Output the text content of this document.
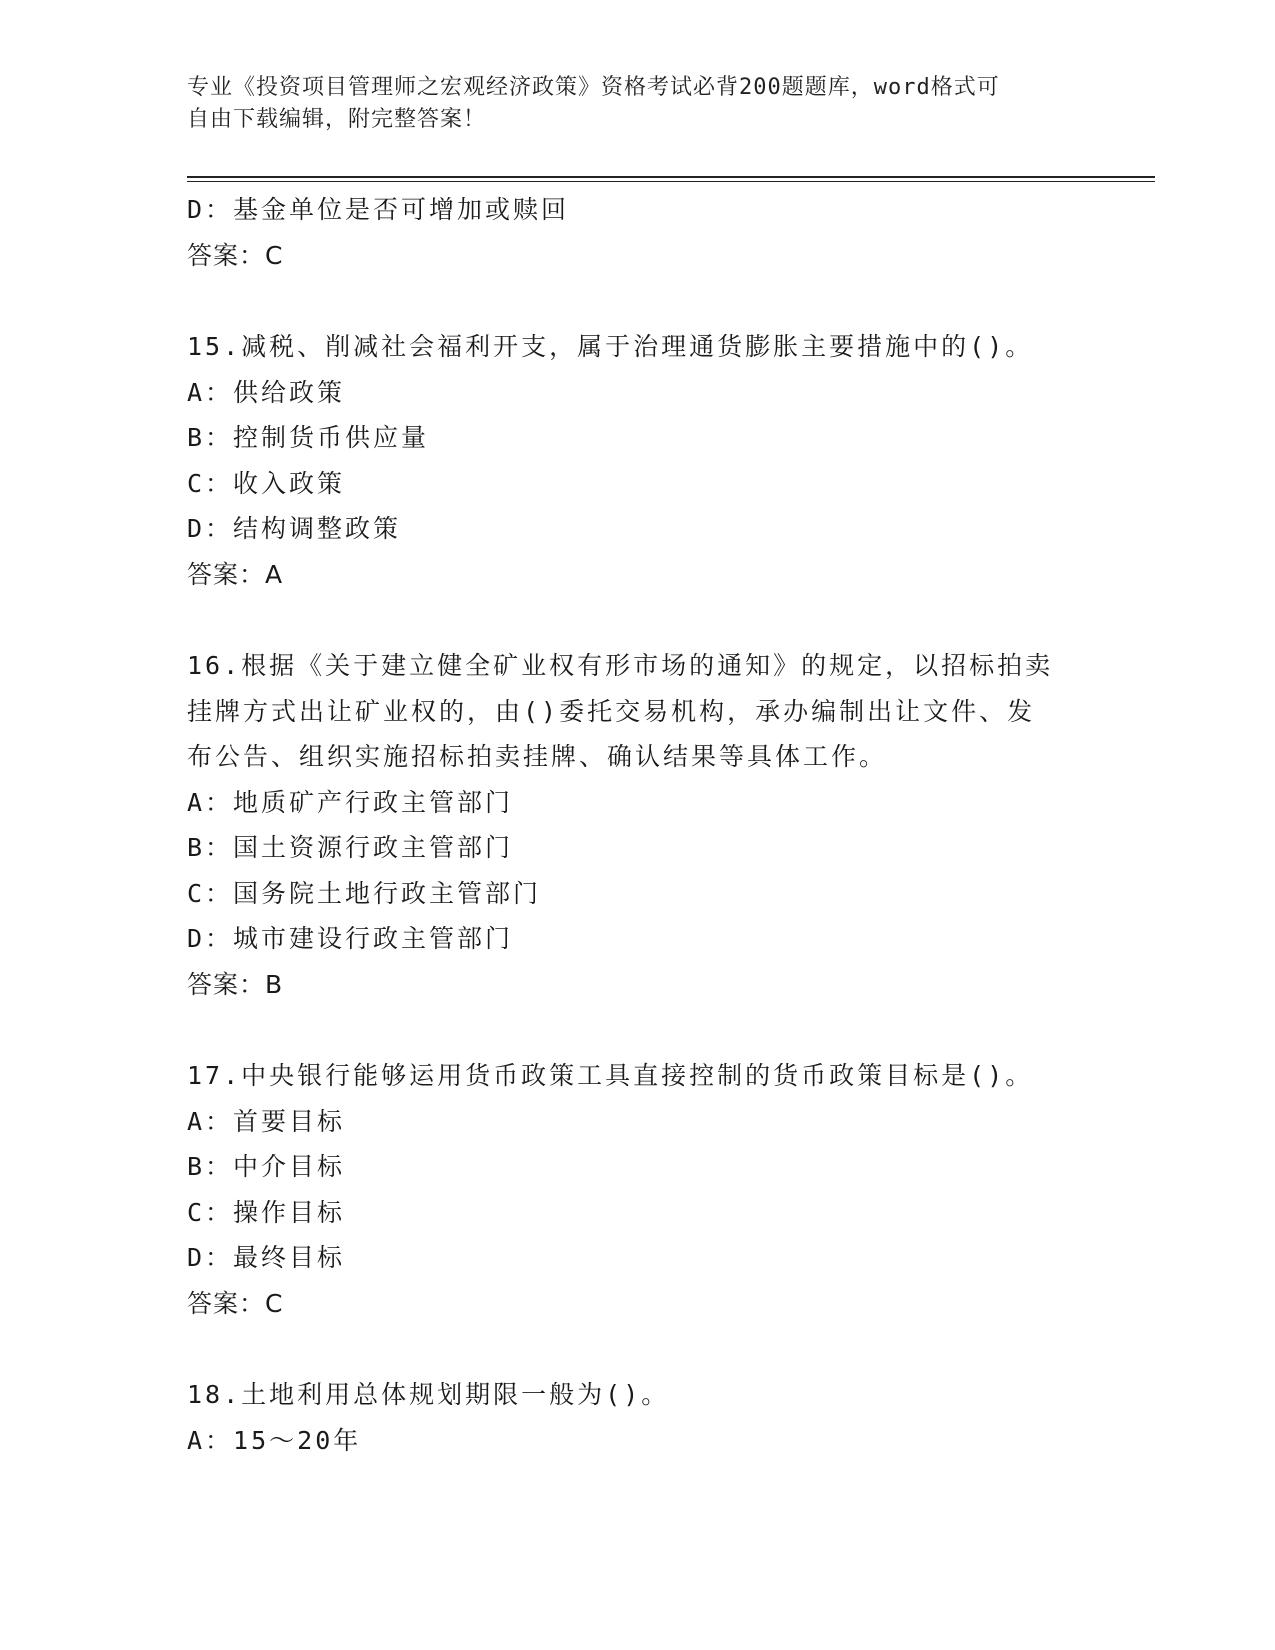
专业《投资项目管理师之宏观经济政策》资格考试必背200题题库，word格式可
自由下载编辑，附完整答案！
D：基金单位是否可增加或赎回
答案：C
15.减税、削减社会福利开支，属于治理通货膨胀主要措施中的()。
A：供给政策
B：控制货币供应量
C：收入政策
D：结构调整政策
答案：A
16.根据《关于建立健全矿业权有形市场的通知》的规定，以招标拍卖
挂牌方式出让矿业权的，由()委托交易机构，承办编制出让文件、发
布公告、组织实施招标拍卖挂牌、确认结果等具体工作。
A：地质矿产行政主管部门
B：国土资源行政主管部门
C：国务院土地行政主管部门
D：城市建设行政主管部门
答案：B
17.中央银行能够运用货币政策工具直接控制的货币政策目标是()。
A：首要目标
B：中介目标
C：操作目标
D：最终目标
答案：C
18.土地利用总体规划期限一般为()。
A：15～20年
